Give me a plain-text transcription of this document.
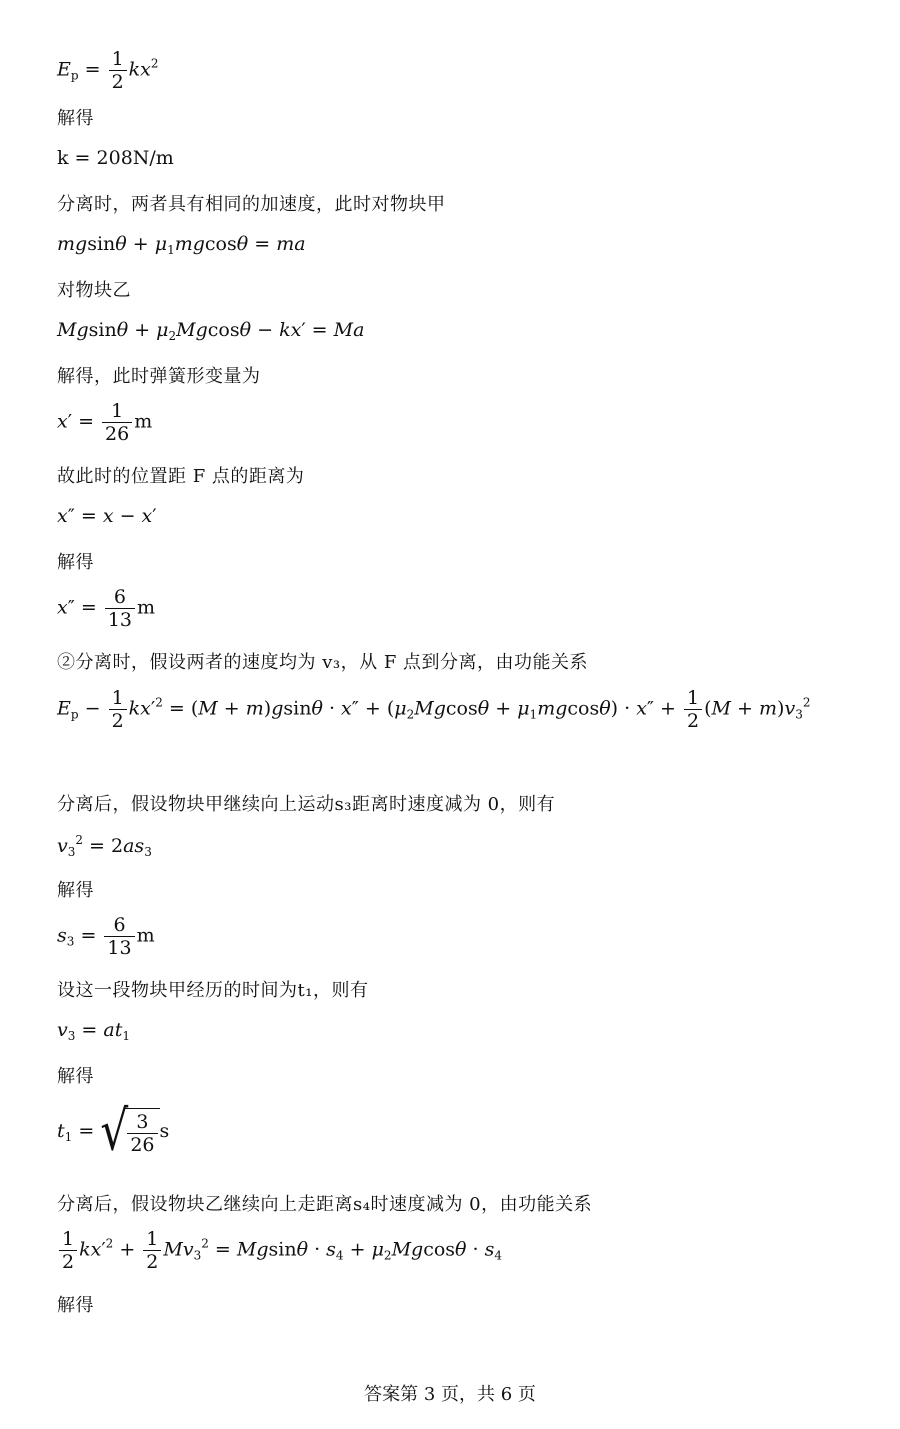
$E_p = \frac{1}{2} kx^2$
解得
k = 208N/m
分离时，两者具有相同的加速度，此时对物块甲
$mgsin\theta + \mu_1mgcos\theta$ = ma
对物块乙
$Mgsin\theta + \mu_2Mgcos\theta - kx' = Ma$
解得，此时弹簧形变量为
$x' = \frac{1}{26}$ m
故此时的位置距 F 点的距离为
x″ = x − x′
解得
$x'' = \frac{6}{13}$ m
②分离时，假设两者的速度均为 v₃，从 F 点到分离，由功能关系
$E_p - \frac{1}{2} kx'^2 = (M + m)gsin\theta \cdot x'' + (\mu_2Mgcos\theta + \mu_1mgcos\theta) \cdot x'' + \frac{1}{2} (M + m)v_3^2$
分离后，假设物块甲继续向上运动s₃距离时速度减为 0，则有
$v_3^2 = 2as_3$
解得
$s_3 = \frac{6}{13}$ m
设这一段物块甲经历的时间为t₁，则有
$v_3 = at_1$
解得
$t_1$ = √ $\frac{3}{26}$ s
分离后，假设物块乙继续向上走距离s₄时速度减为 0，由功能关系
$\frac{1}{2} kx'^2 + \frac{1}{2} Mv_3^2 = Mgsin\theta \cdot s_4 + \mu_2Mgcos\theta \cdot s_4$
解得
答案第 3 页，共 6 页
